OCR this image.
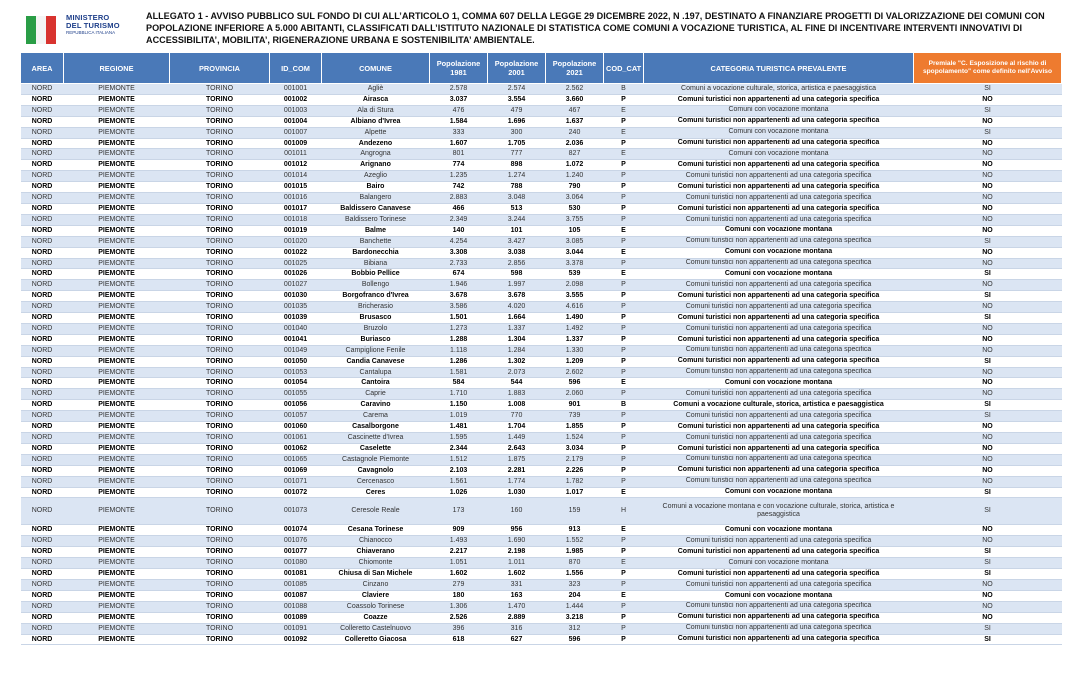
MINISTERO
DEL TURISMO
REPUBBLICA ITALIANA
ALLEGATO 1 - AVVISO PUBBLICO SUL FONDO DI CUI ALL’ARTICOLO 1, COMMA 607 DELLA LEGGE 29 DICEMBRE 2022, N .197, DESTINATO A FINANZIARE PROGETTI DI VALORIZZAZIONE DEI COMUNI CON POPOLAZIONE INFERIORE A 5.000 ABITANTI, CLASSIFICATI DALL’ISTITUTO NAZIONALE DI STATISTICA COME COMUNI A VOCAZIONE TURISTICA, AL FINE DI INCENTIVARE INTERVENTI INNOVATIVI DI ACCESSIBILITA’, MOBILITA’, RIGENERAZIONE URBANA E SOSTENIBILITA’ AMBIENTALE.
AREA	REGIONE	PROVINCIA	ID_COM	COMUNE	Popolazione 1981	Popolazione 2001	Popolazione 2021	COD_CAT	CATEGORIA TURISTICA PREVALENTE	Premiale "C. Esposizione al rischio di spopolamento" come definito nell'Avviso
NORD	PIEMONTE	TORINO	001001	Agliè	2.578	2.574	2.562	B	Comuni a vocazione culturale, storica, artistica e paesaggistica	SI
NORD	PIEMONTE	TORINO	001002	Airasca	3.037	3.554	3.660	P	Comuni turistici non appartenenti ad una categoria specifica	NO
NORD	PIEMONTE	TORINO	001003	Ala di Stura	476	479	467	E	Comuni con vocazione montana	SI
NORD	PIEMONTE	TORINO	001004	Albiano d'Ivrea	1.584	1.696	1.637	P	Comuni turistici non appartenenti ad una categoria specifica	NO
NORD	PIEMONTE	TORINO	001007	Alpette	333	300	240	E	Comuni con vocazione montana	SI
NORD	PIEMONTE	TORINO	001009	Andezeno	1.607	1.705	2.036	P	Comuni turistici non appartenenti ad una categoria specifica	NO
NORD	PIEMONTE	TORINO	001011	Angrogna	801	777	827	E	Comuni con vocazione montana	NO
NORD	PIEMONTE	TORINO	001012	Arignano	774	898	1.072	P	Comuni turistici non appartenenti ad una categoria specifica	NO
NORD	PIEMONTE	TORINO	001014	Azeglio	1.235	1.274	1.240	P	Comuni turistici non appartenenti ad una categoria specifica	NO
NORD	PIEMONTE	TORINO	001015	Bairo	742	788	790	P	Comuni turistici non appartenenti ad una categoria specifica	NO
NORD	PIEMONTE	TORINO	001016	Balangero	2.883	3.048	3.064	P	Comuni turistici non appartenenti ad una categoria specifica	NO
NORD	PIEMONTE	TORINO	001017	Baldissero Canavese	466	513	530	P	Comuni turistici non appartenenti ad una categoria specifica	NO
NORD	PIEMONTE	TORINO	001018	Baldissero Torinese	2.349	3.244	3.755	P	Comuni turistici non appartenenti ad una categoria specifica	NO
NORD	PIEMONTE	TORINO	001019	Balme	140	101	105	E	Comuni con vocazione montana	NO
NORD	PIEMONTE	TORINO	001020	Banchette	4.254	3.427	3.085	P	Comuni turistici non appartenenti ad una categoria specifica	SI
NORD	PIEMONTE	TORINO	001022	Bardonecchia	3.308	3.038	3.044	E	Comuni con vocazione montana	NO
NORD	PIEMONTE	TORINO	001025	Bibiana	2.733	2.856	3.378	P	Comuni turistici non appartenenti ad una categoria specifica	NO
NORD	PIEMONTE	TORINO	001026	Bobbio Pellice	674	598	539	E	Comuni con vocazione montana	SI
NORD	PIEMONTE	TORINO	001027	Bollengo	1.946	1.997	2.098	P	Comuni turistici non appartenenti ad una categoria specifica	NO
NORD	PIEMONTE	TORINO	001030	Borgofranco d'Ivrea	3.678	3.678	3.555	P	Comuni turistici non appartenenti ad una categoria specifica	SI
NORD	PIEMONTE	TORINO	001035	Bricherasio	3.586	4.020	4.616	P	Comuni turistici non appartenenti ad una categoria specifica	NO
NORD	PIEMONTE	TORINO	001039	Brusasco	1.501	1.664	1.490	P	Comuni turistici non appartenenti ad una categoria specifica	SI
NORD	PIEMONTE	TORINO	001040	Bruzolo	1.273	1.337	1.492	P	Comuni turistici non appartenenti ad una categoria specifica	NO
NORD	PIEMONTE	TORINO	001041	Buriasco	1.288	1.304	1.337	P	Comuni turistici non appartenenti ad una categoria specifica	NO
NORD	PIEMONTE	TORINO	001049	Campiglione Fenile	1.118	1.284	1.330	P	Comuni turistici non appartenenti ad una categoria specifica	NO
NORD	PIEMONTE	TORINO	001050	Candia Canavese	1.286	1.302	1.209	P	Comuni turistici non appartenenti ad una categoria specifica	SI
NORD	PIEMONTE	TORINO	001053	Cantalupa	1.581	2.073	2.602	P	Comuni turistici non appartenenti ad una categoria specifica	NO
NORD	PIEMONTE	TORINO	001054	Cantoira	584	544	596	E	Comuni con vocazione montana	NO
NORD	PIEMONTE	TORINO	001055	Caprie	1.710	1.883	2.060	P	Comuni turistici non appartenenti ad una categoria specifica	NO
NORD	PIEMONTE	TORINO	001056	Caravino	1.150	1.008	901	B	Comuni a vocazione culturale, storica, artistica e paesaggistica	SI
NORD	PIEMONTE	TORINO	001057	Carema	1.019	770	739	P	Comuni turistici non appartenenti ad una categoria specifica	SI
NORD	PIEMONTE	TORINO	001060	Casalborgone	1.481	1.704	1.855	P	Comuni turistici non appartenenti ad una categoria specifica	NO
NORD	PIEMONTE	TORINO	001061	Cascinette d'Ivrea	1.595	1.449	1.524	P	Comuni turistici non appartenenti ad una categoria specifica	NO
NORD	PIEMONTE	TORINO	001062	Caselette	2.344	2.643	3.034	P	Comuni turistici non appartenenti ad una categoria specifica	NO
NORD	PIEMONTE	TORINO	001065	Castagnole Piemonte	1.512	1.875	2.179	P	Comuni turistici non appartenenti ad una categoria specifica	NO
NORD	PIEMONTE	TORINO	001069	Cavagnolo	2.103	2.281	2.226	P	Comuni turistici non appartenenti ad una categoria specifica	NO
NORD	PIEMONTE	TORINO	001071	Cercenasco	1.561	1.774	1.782	P	Comuni turistici non appartenenti ad una categoria specifica	NO
NORD	PIEMONTE	TORINO	001072	Ceres	1.026	1.030	1.017	E	Comuni con vocazione montana	SI
NORD	PIEMONTE	TORINO	001073	Ceresole Reale	173	160	159	H	Comuni a vocazione montana e con vocazione culturale, storica, artistica e paesaggistica	SI
NORD	PIEMONTE	TORINO	001074	Cesana Torinese	909	956	913	E	Comuni con vocazione montana	NO
NORD	PIEMONTE	TORINO	001076	Chianocco	1.493	1.690	1.552	P	Comuni turistici non appartenenti ad una categoria specifica	NO
NORD	PIEMONTE	TORINO	001077	Chiaverano	2.217	2.198	1.985	P	Comuni turistici non appartenenti ad una categoria specifica	SI
NORD	PIEMONTE	TORINO	001080	Chiomonte	1.051	1.011	870	E	Comuni con vocazione montana	SI
NORD	PIEMONTE	TORINO	001081	Chiusa di San Michele	1.602	1.602	1.556	P	Comuni turistici non appartenenti ad una categoria specifica	SI
NORD	PIEMONTE	TORINO	001085	Cinzano	279	331	323	P	Comuni turistici non appartenenti ad una categoria specifica	NO
NORD	PIEMONTE	TORINO	001087	Claviere	180	163	204	E	Comuni con vocazione montana	NO
NORD	PIEMONTE	TORINO	001088	Coassolo Torinese	1.306	1.470	1.444	P	Comuni turistici non appartenenti ad una categoria specifica	NO
NORD	PIEMONTE	TORINO	001089	Coazze	2.526	2.889	3.218	P	Comuni turistici non appartenenti ad una categoria specifica	NO
NORD	PIEMONTE	TORINO	001091	Colleretto Castelnuovo	396	316	312	P	Comuni turistici non appartenenti ad una categoria specifica	SI
NORD	PIEMONTE	TORINO	001092	Colleretto Giacosa	618	627	596	P	Comuni turistici non appartenenti ad una categoria specifica	SI
